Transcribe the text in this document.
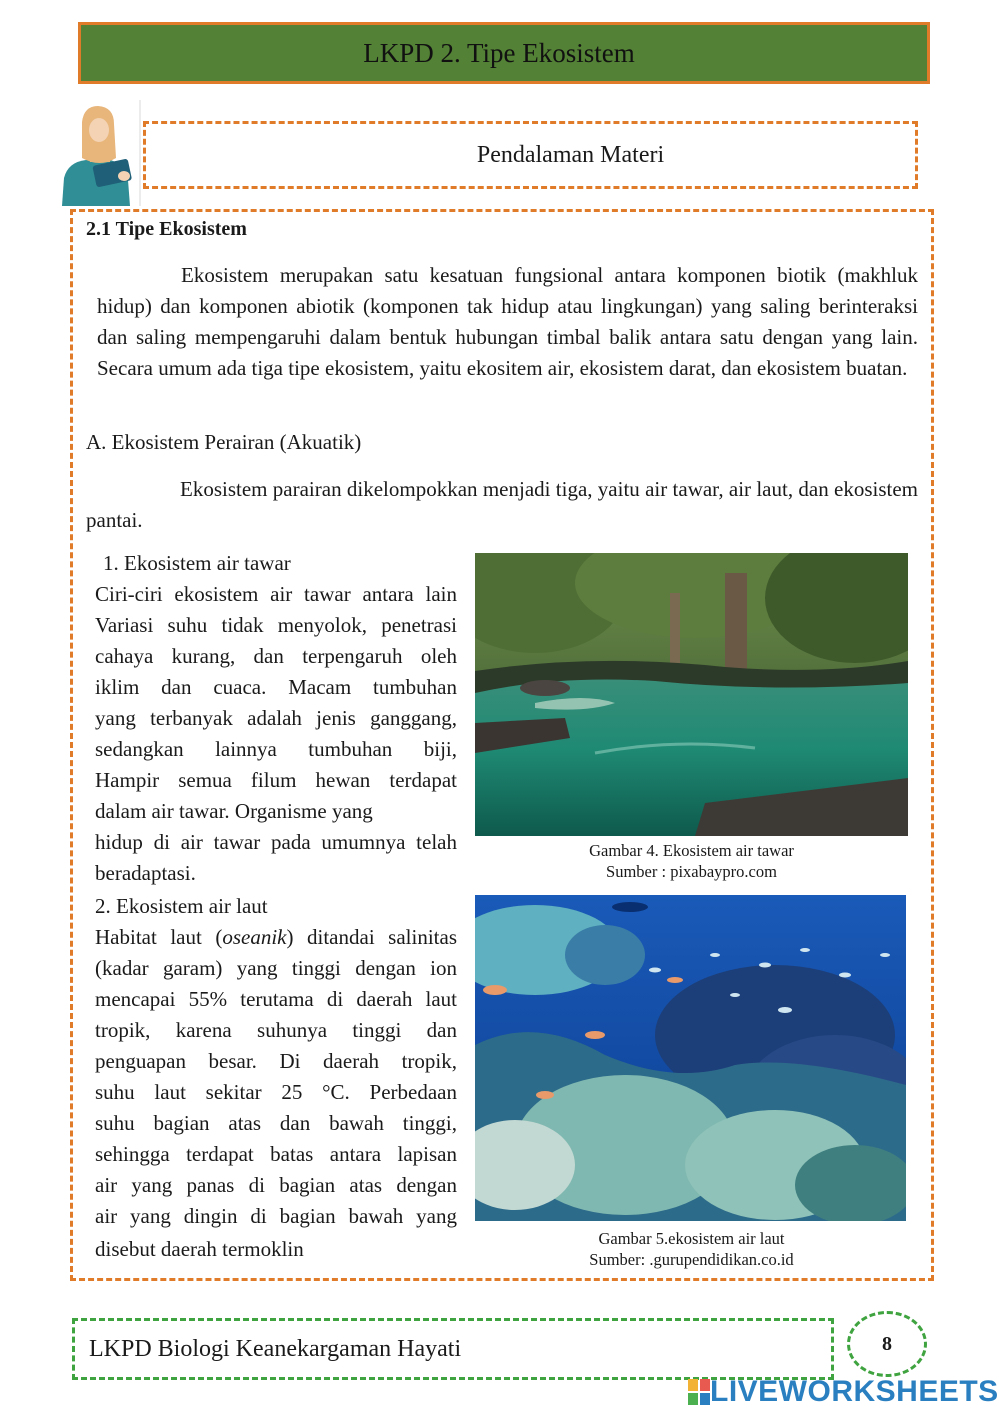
LKPD 2. Tipe Ekosistem
Pendalaman Materi
2.1 Tipe Ekosistem
Ekosistem merupakan satu kesatuan fungsional antara komponen biotik (makhluk hidup) dan komponen abiotik (komponen tak hidup atau lingkungan) yang saling berinteraksi dan saling mempengaruhi dalam bentuk hubungan timbal balik antara satu dengan yang lain. Secara umum ada tiga tipe ekosistem, yaitu ekositem air, ekosistem darat, dan ekosistem buatan.
A. Ekosistem Perairan (Akuatik)
Ekosistem parairan dikelompokkan menjadi tiga, yaitu air tawar, air laut, dan ekosistem pantai.
1. Ekosistem air tawar
Ciri-ciri ekosistem air tawar antara lain
Variasi suhu tidak menyolok, penetrasi
cahaya kurang, dan terpengaruh oleh
iklim dan cuaca. Macam tumbuhan
yang terbanyak adalah jenis ganggang,
sedangkan lainnya tumbuhan biji,
Hampir semua filum hewan terdapat
dalam air tawar. Organisme yang
hidup di air tawar pada umumnya telah
beradaptasi.
2. Ekosistem air laut
Habitat laut (oseanik) ditandai salinitas
(kadar garam) yang tinggi dengan ion
mencapai 55% terutama di daerah laut
tropik, karena suhunya tinggi dan
penguapan besar. Di daerah tropik,
suhu laut sekitar 25 °C. Perbedaan
suhu bagian atas dan bawah tinggi,
sehingga terdapat batas antara lapisan
air yang panas di bagian atas dengan
air yang dingin di bagian bawah yang
disebut daerah termoklin
Gambar 4. Ekosistem air tawar
Sumber : pixabaypro.com
Gambar 5.ekosistem air laut
Sumber: .gurupendidikan.co.id
LKPD Biologi Keanekargaman Hayati	8
LIVEWORKSHEETS
